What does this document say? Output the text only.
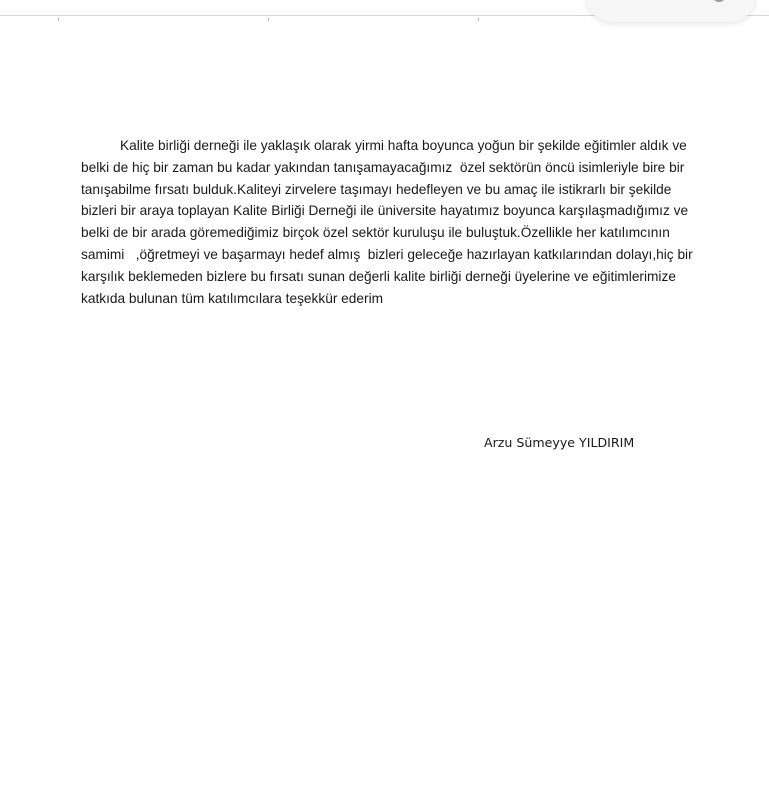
Kalite birliği derneği ile yaklaşık olarak yirmi hafta boyunca yoğun bir şekilde eğitimler aldık ve
belki de hiç bir zaman bu kadar yakından tanışamayacağımız  özel sektörün öncü isimleriyle bire bir
tanışabilme fırsatı bulduk.Kaliteyi zirvelere taşımayı hedefleyen ve bu amaç ile istikrarlı bir şekilde
bizleri bir araya toplayan Kalite Birliği Derneği ile üniversite hayatımız boyunca karşılaşmadığımız ve
belki de bir arada göremediğimiz birçok özel sektör kuruluşu ile buluştuk.Özellikle her katılımcının
samimi   ,öğretmeyi ve başarmayı hedef almış  bizleri geleceğe hazırlayan katkılarından dolayı,hiç bir
karşılık beklemeden bizlere bu fırsatı sunan değerli kalite birliği derneği üyelerine ve eğitimlerimize
katkıda bulunan tüm katılımcılara teşekkür ederim

Arzu Sümeyye YILDIRIM
